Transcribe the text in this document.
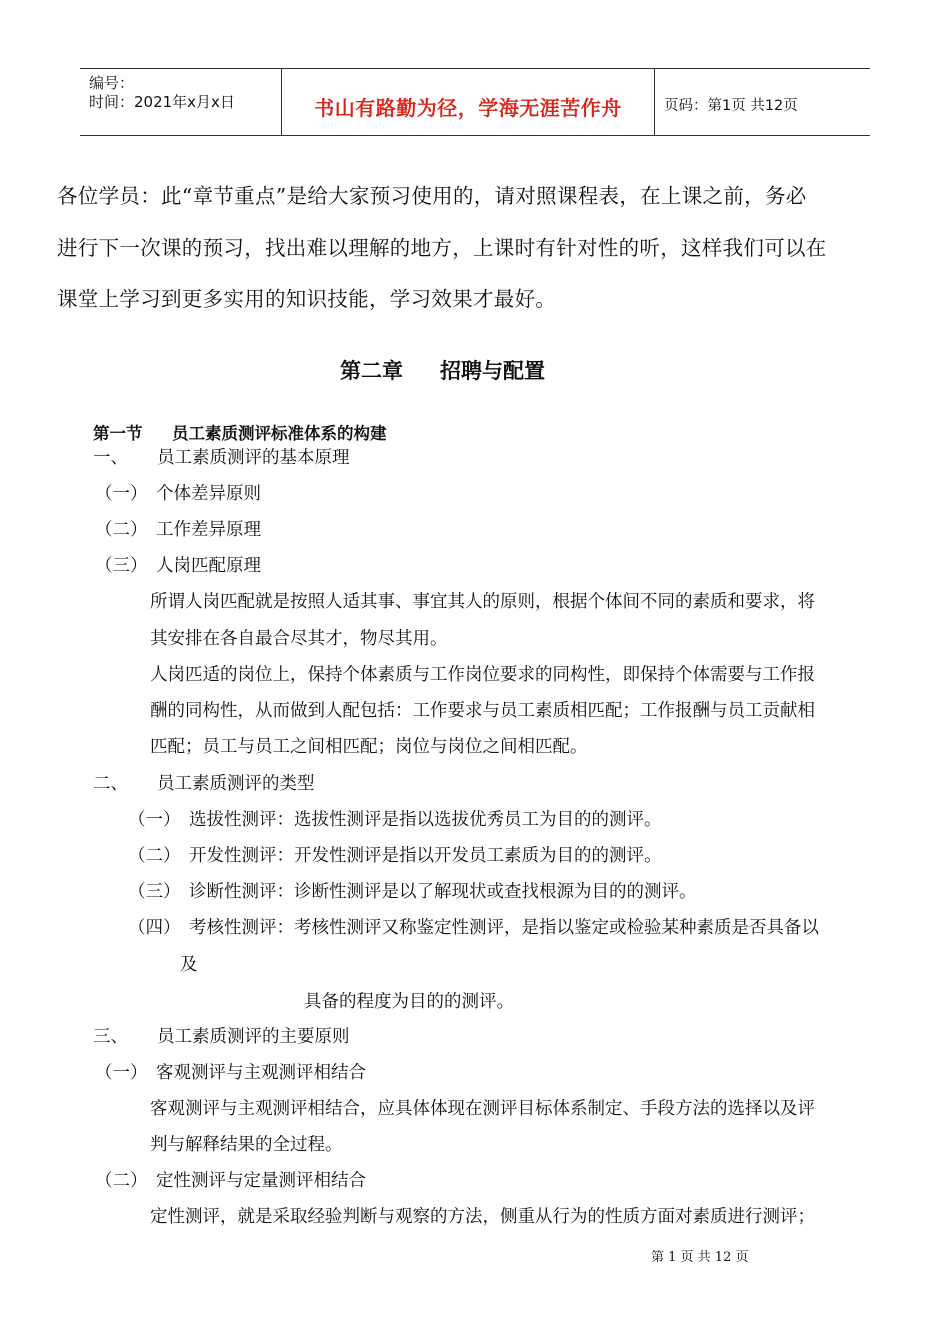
编号：
时间：2021年x月x日	书山有路勤为径，学海无涯苦作舟	页码：第1页 共12页
各位学员：此“章节重点”是给大家预习使用的，请对照课程表，在上课之前，务必
进行下一次课的预习，找出难以理解的地方，上课时有针对性的听，这样我们可以在
课堂上学习到更多实用的知识技能，学习效果才最好。
第二章 招聘与配置
第一节 员工素质测评标准体系的构建
一、 员工素质测评的基本原理
（一） 个体差异原则
（二） 工作差异原理
（三） 人岗匹配原理
所谓人岗匹配就是按照人适其事、事宜其人的原则，根据个体间不同的素质和要求，将
其安排在各自最合尽其才，物尽其用。
人岗匹适的岗位上，保持个体素质与工作岗位要求的同构性，即保持个体需要与工作报
酬的同构性，从而做到人配包括：工作要求与员工素质相匹配；工作报酬与员工贡献相
匹配；员工与员工之间相匹配；岗位与岗位之间相匹配。
二、 员工素质测评的类型
（一） 选拔性测评：选拔性测评是指以选拔优秀员工为目的的测评。
（二） 开发性测评：开发性测评是指以开发员工素质为目的的测评。
（三） 诊断性测评：诊断性测评是以了解现状或查找根源为目的的测评。
（四） 考核性测评：考核性测评又称鉴定性测评，是指以鉴定或检验某种素质是否具备以
及
具备的程度为目的的测评。
三、 员工素质测评的主要原则
（一） 客观测评与主观测评相结合
客观测评与主观测评相结合，应具体体现在测评目标体系制定、手段方法的选择以及评
判与解释结果的全过程。
（二） 定性测评与定量测评相结合
定性测评，就是采取经验判断与观察的方法，侧重从行为的性质方面对素质进行测评；
第 1 页 共 12 页
